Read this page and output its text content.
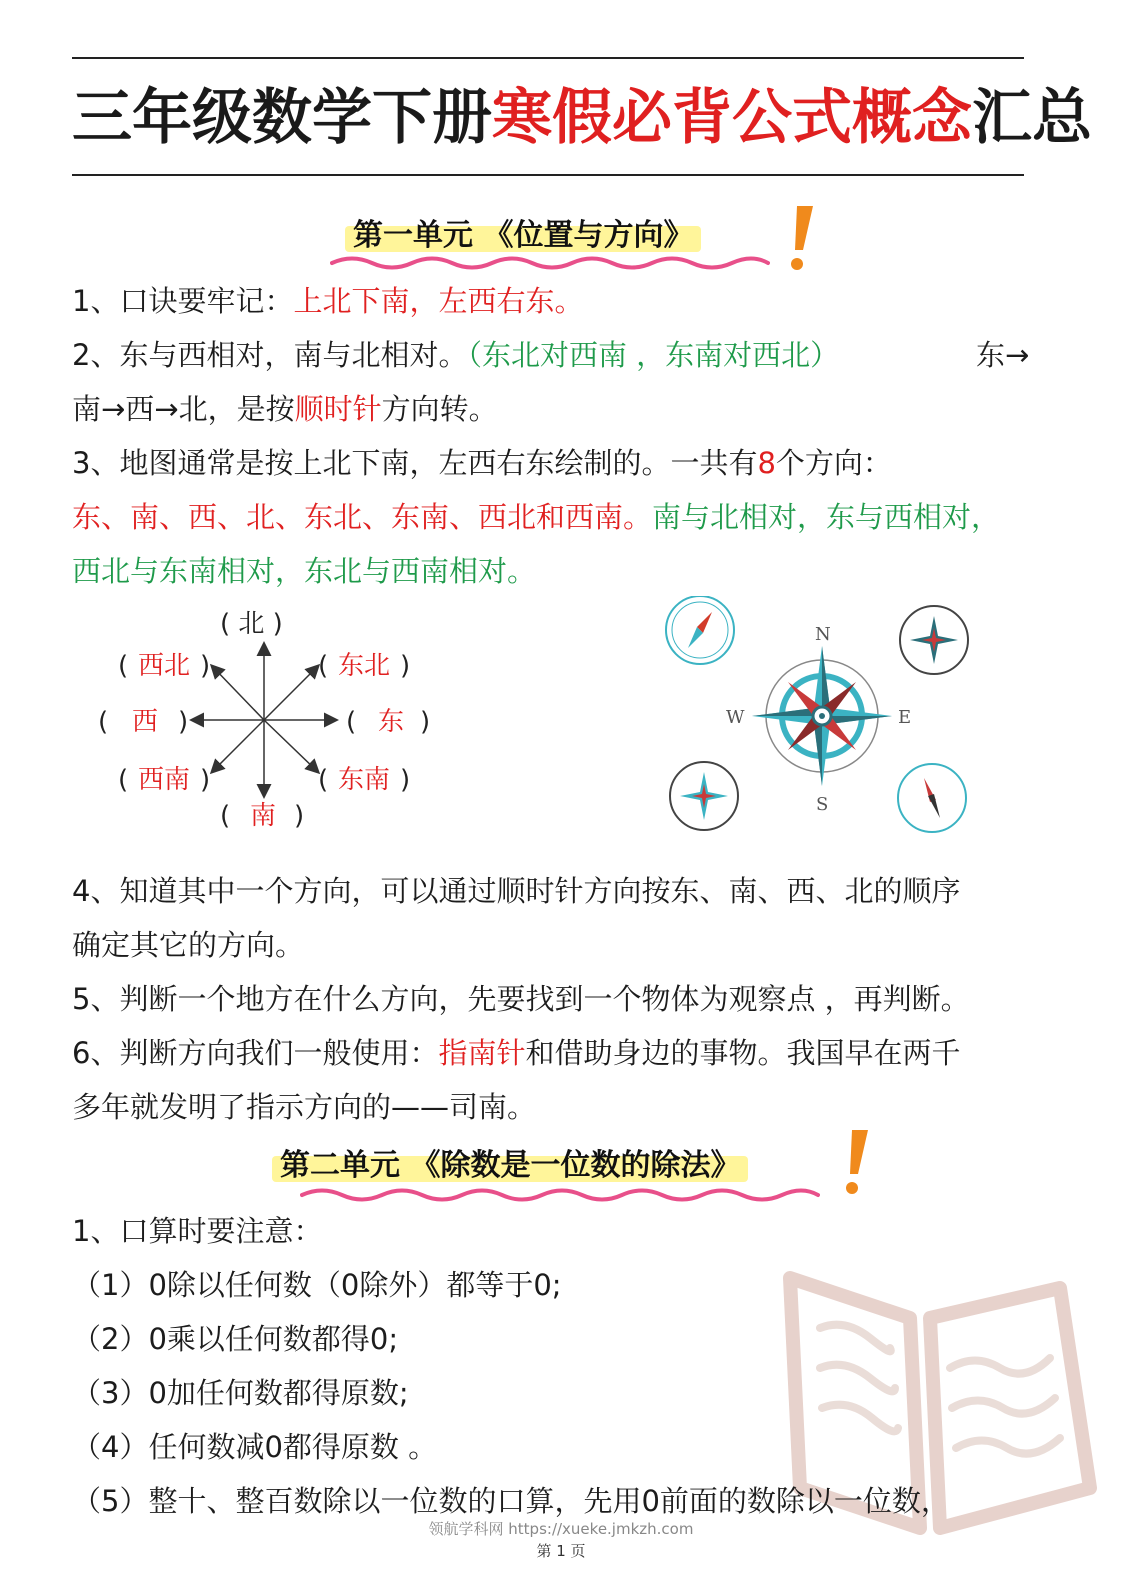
三年级数学下册寒假必背公式概念汇总
第一单元 《位置与方向》
1、口诀要牢记：上北下南，左西右东。
2、东与西相对，南与北相对。（东北对西南 ，东南对西北）	东→
南→西→北，是按顺时针方向转。
3、地图通常是按上北下南，左西右东绘制的。一共有8个方向：
东、南、西、北、东北、东南、西北和西南。南与北相对，东与西相对，
西北与东南相对，东北与西南相对。
( 北 )
( 西北 )	( 东北 )
( 西 )	( 东 )
( 西南 )	( 东南 )
( 南 )
N
S
W	E
4、知道其中一个方向，可以通过顺时针方向按东、南、西、北的顺序
确定其它的方向。
5、判断一个地方在什么方向，先要找到一个物体为观察点 ，再判断。
6、判断方向我们一般使用：指南针和借助身边的事物。我国早在两千
多年就发明了指示方向的——司南。
第二单元 《除数是一位数的除法》
1、口算时要注意：
（1）0除以任何数（0除外）都等于0;
（2）0乘以任何数都得0;
（3）0加任何数都得原数;
（4）任何数减0都得原数 。
（5）整十、整百数除以一位数的口算，先用0前面的数除以一位数，
领航学科网 https://xueke.jmkzh.com
第 1 页
